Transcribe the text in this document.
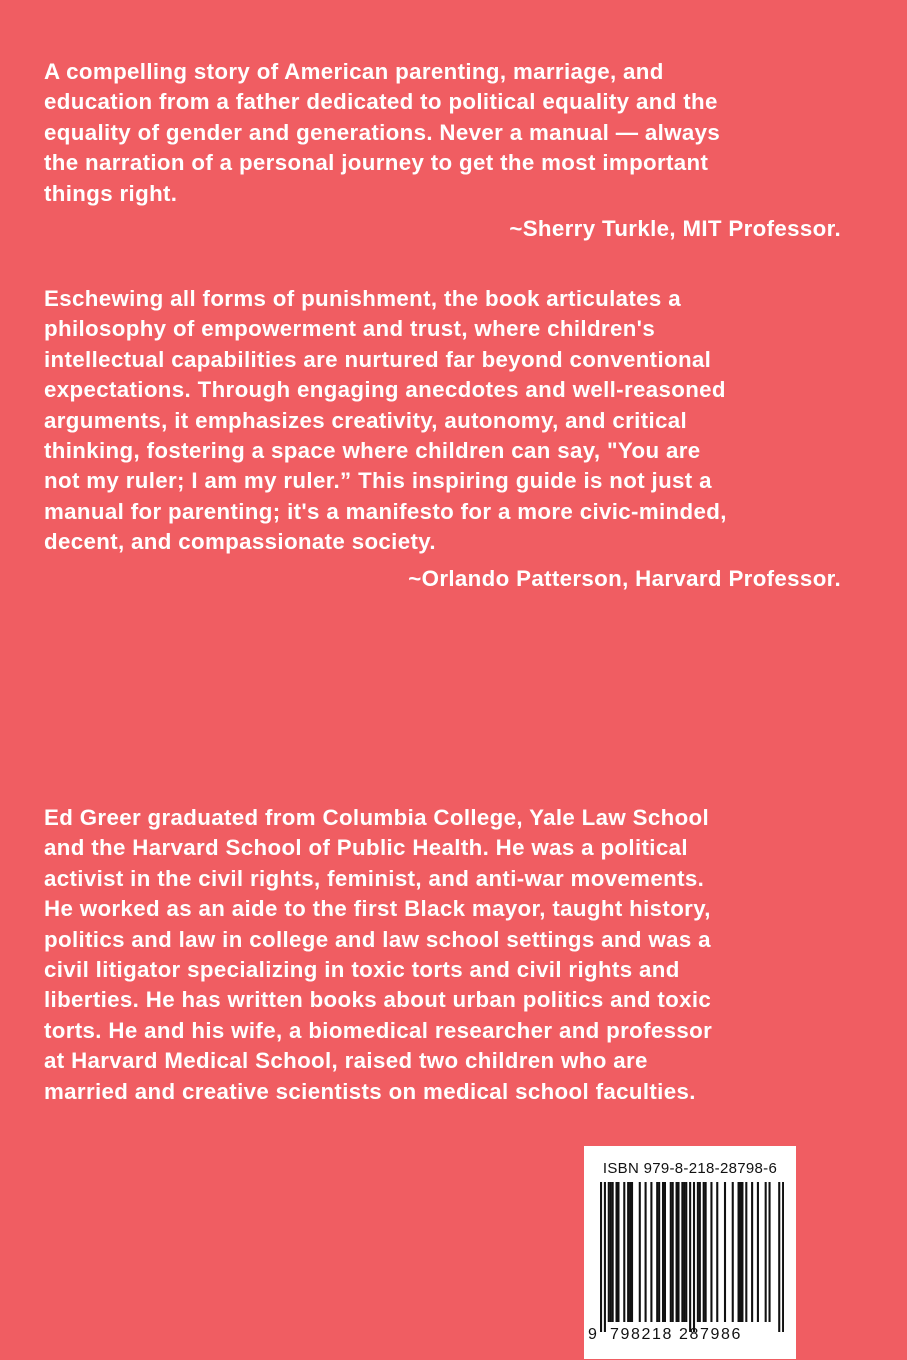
A compelling story of American parenting, marriage, and
education from a father dedicated to political equality and the
equality of gender and generations. Never a manual — always
the narration of a personal journey to get the most important
things right.

~Sherry Turkle, MIT Professor.

Eschewing all forms of punishment, the book articulates a
philosophy of empowerment and trust, where children's
intellectual capabilities are nurtured far beyond conventional
expectations. Through engaging anecdotes and well-reasoned
arguments, it emphasizes creativity, autonomy, and critical
thinking, fostering a space where children can say, "You are
not my ruler; I am my ruler.” This inspiring guide is not just a
manual for parenting; it's a manifesto for a more civic-minded,
decent, and compassionate society.

~Orlando Patterson, Harvard Professor.

Ed Greer graduated from Columbia College, Yale Law School
and the Harvard School of Public Health. He was a political
activist in the civil rights, feminist, and anti-war movements.
He worked as an aide to the first Black mayor, taught history,
politics and law in college and law school settings and was a
civil litigator specializing in toxic torts and civil rights and
liberties. He has written books about urban politics and toxic
torts. He and his wife, a biomedical researcher and professor
at Harvard Medical School, raised two children who are
married and creative scientists on medical school faculties.

ISBN 979-8-218-28798-6
9 798218 287986
